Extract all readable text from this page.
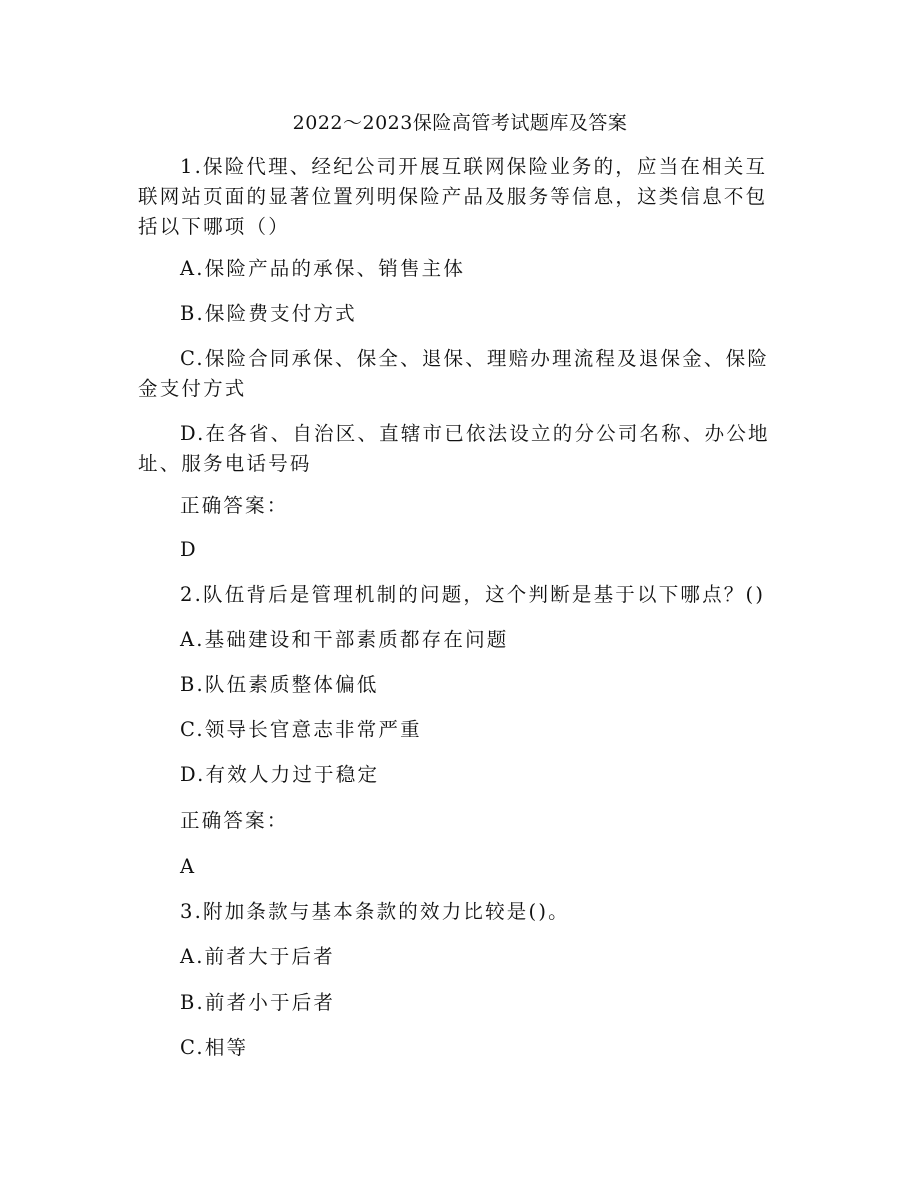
2022～2023保险高管考试题库及答案

1.保险代理、经纪公司开展互联网保险业务的，应当在相关互联网站页面的显著位置列明保险产品及服务等信息，这类信息不包括以下哪项（）

A.保险产品的承保、销售主体

B.保险费支付方式

C.保险合同承保、保全、退保、理赔办理流程及退保金、保险金支付方式

D.在各省、自治区、直辖市已依法设立的分公司名称、办公地址、服务电话号码

正确答案：

D

2.队伍背后是管理机制的问题，这个判断是基于以下哪点？()

A.基础建设和干部素质都存在问题

B.队伍素质整体偏低

C.领导长官意志非常严重

D.有效人力过于稳定

正确答案：

A

3.附加条款与基本条款的效力比较是()。

A.前者大于后者

B.前者小于后者

C.相等
